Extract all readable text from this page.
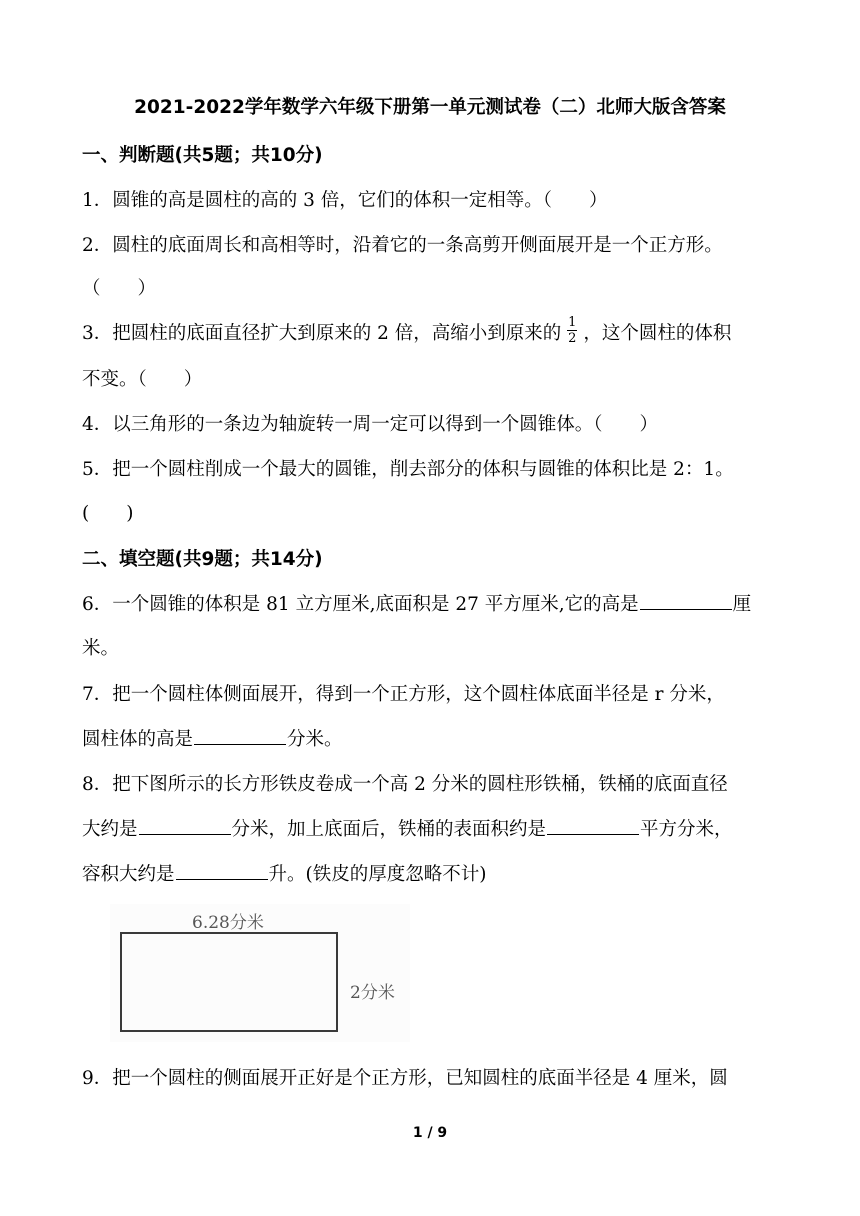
2021-2022学年数学六年级下册第一单元测试卷（二）北师大版含答案
一、判断题(共5题；共10分)
1．圆锥的高是圆柱的高的 3 倍，它们的体积一定相等。（　　）
2．圆柱的底面周长和高相等时，沿着它的一条高剪开侧面展开是一个正方形。
（　　）
3．把圆柱的底面直径扩大到原来的 2 倍，高缩小到原来的 $\frac{1}{2}$ ，这个圆柱的体积
不变。（　　）
4．以三角形的一条边为轴旋转一周一定可以得到一个圆锥体。（　　）
5．把一个圆柱削成一个最大的圆锥，削去部分的体积与圆锥的体积比是 2：1。
(　　)
二、填空题(共9题；共14分)
6．一个圆锥的体积是 81 立方厘米,底面积是 27 平方厘米,它的高是	厘
米。
7．把一个圆柱体侧面展开，得到一个正方形，这个圆柱体底面半径是 r 分米，
圆柱体的高是	分米。
8．把下图所示的长方形铁皮卷成一个高 2 分米的圆柱形铁桶，铁桶的底面直径
大约是	分米，加上底面后，铁桶的表面积约是	平方分米，
容积大约是	升。(铁皮的厚度忽略不计)
6.28分米
2分米
9．把一个圆柱的侧面展开正好是个正方形，已知圆柱的底面半径是 4 厘米，圆
1 / 9
